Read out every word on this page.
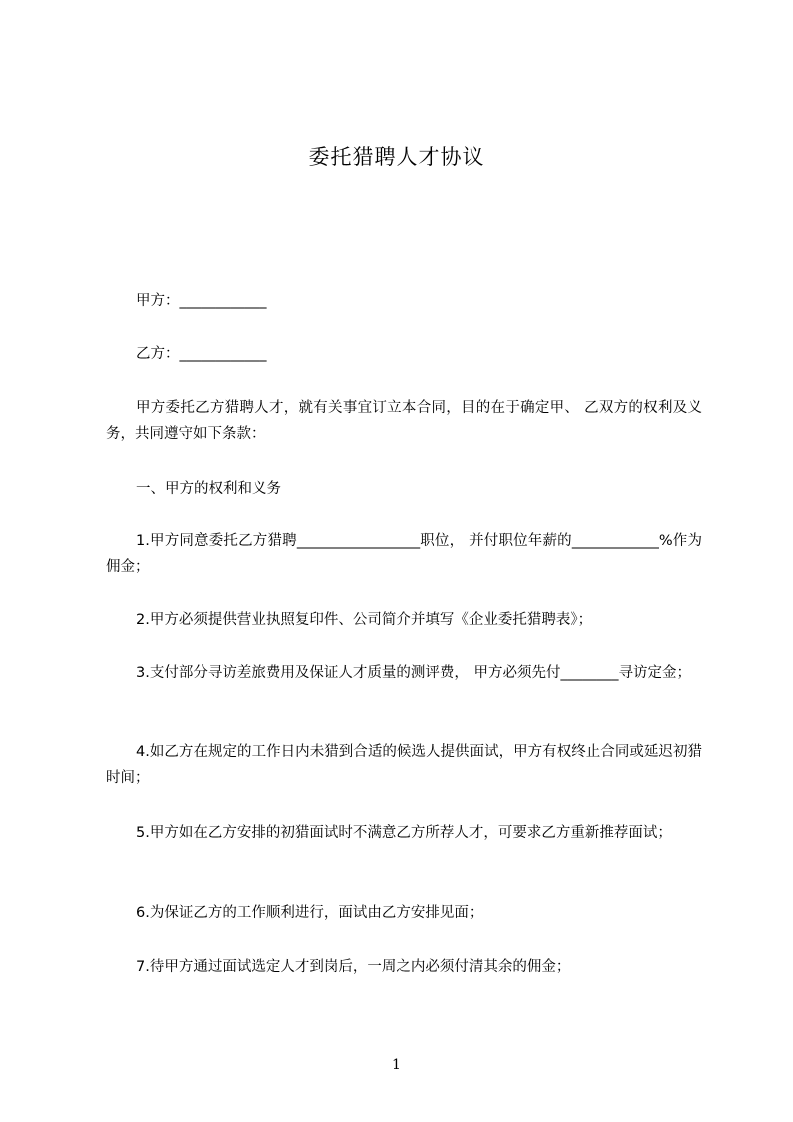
委托猎聘人才协议
甲方：____________
乙方：____________
甲方委托乙方猎聘人才，就有关事宜订立本合同，目的在于确定甲、 乙双方的权利及义务，共同遵守如下条款：
一、甲方的权利和义务
1.甲方同意委托乙方猎聘_________________职位， 并付职位年薪的____________%作为佣金；
2.甲方必须提供营业执照复印件、公司简介并填写《企业委托猎聘表》；
3.支付部分寻访差旅费用及保证人才质量的测评费， 甲方必须先付________寻访定金；
4.如乙方在规定的工作日内未猎到合适的候选人提供面试，甲方有权终止合同或延迟初猎时间；
5.甲方如在乙方安排的初猎面试时不满意乙方所荐人才，可要求乙方重新推荐面试；
6.为保证乙方的工作顺利进行，面试由乙方安排见面；
7.待甲方通过面试选定人才到岗后，一周之内必须付清其余的佣金；
1
